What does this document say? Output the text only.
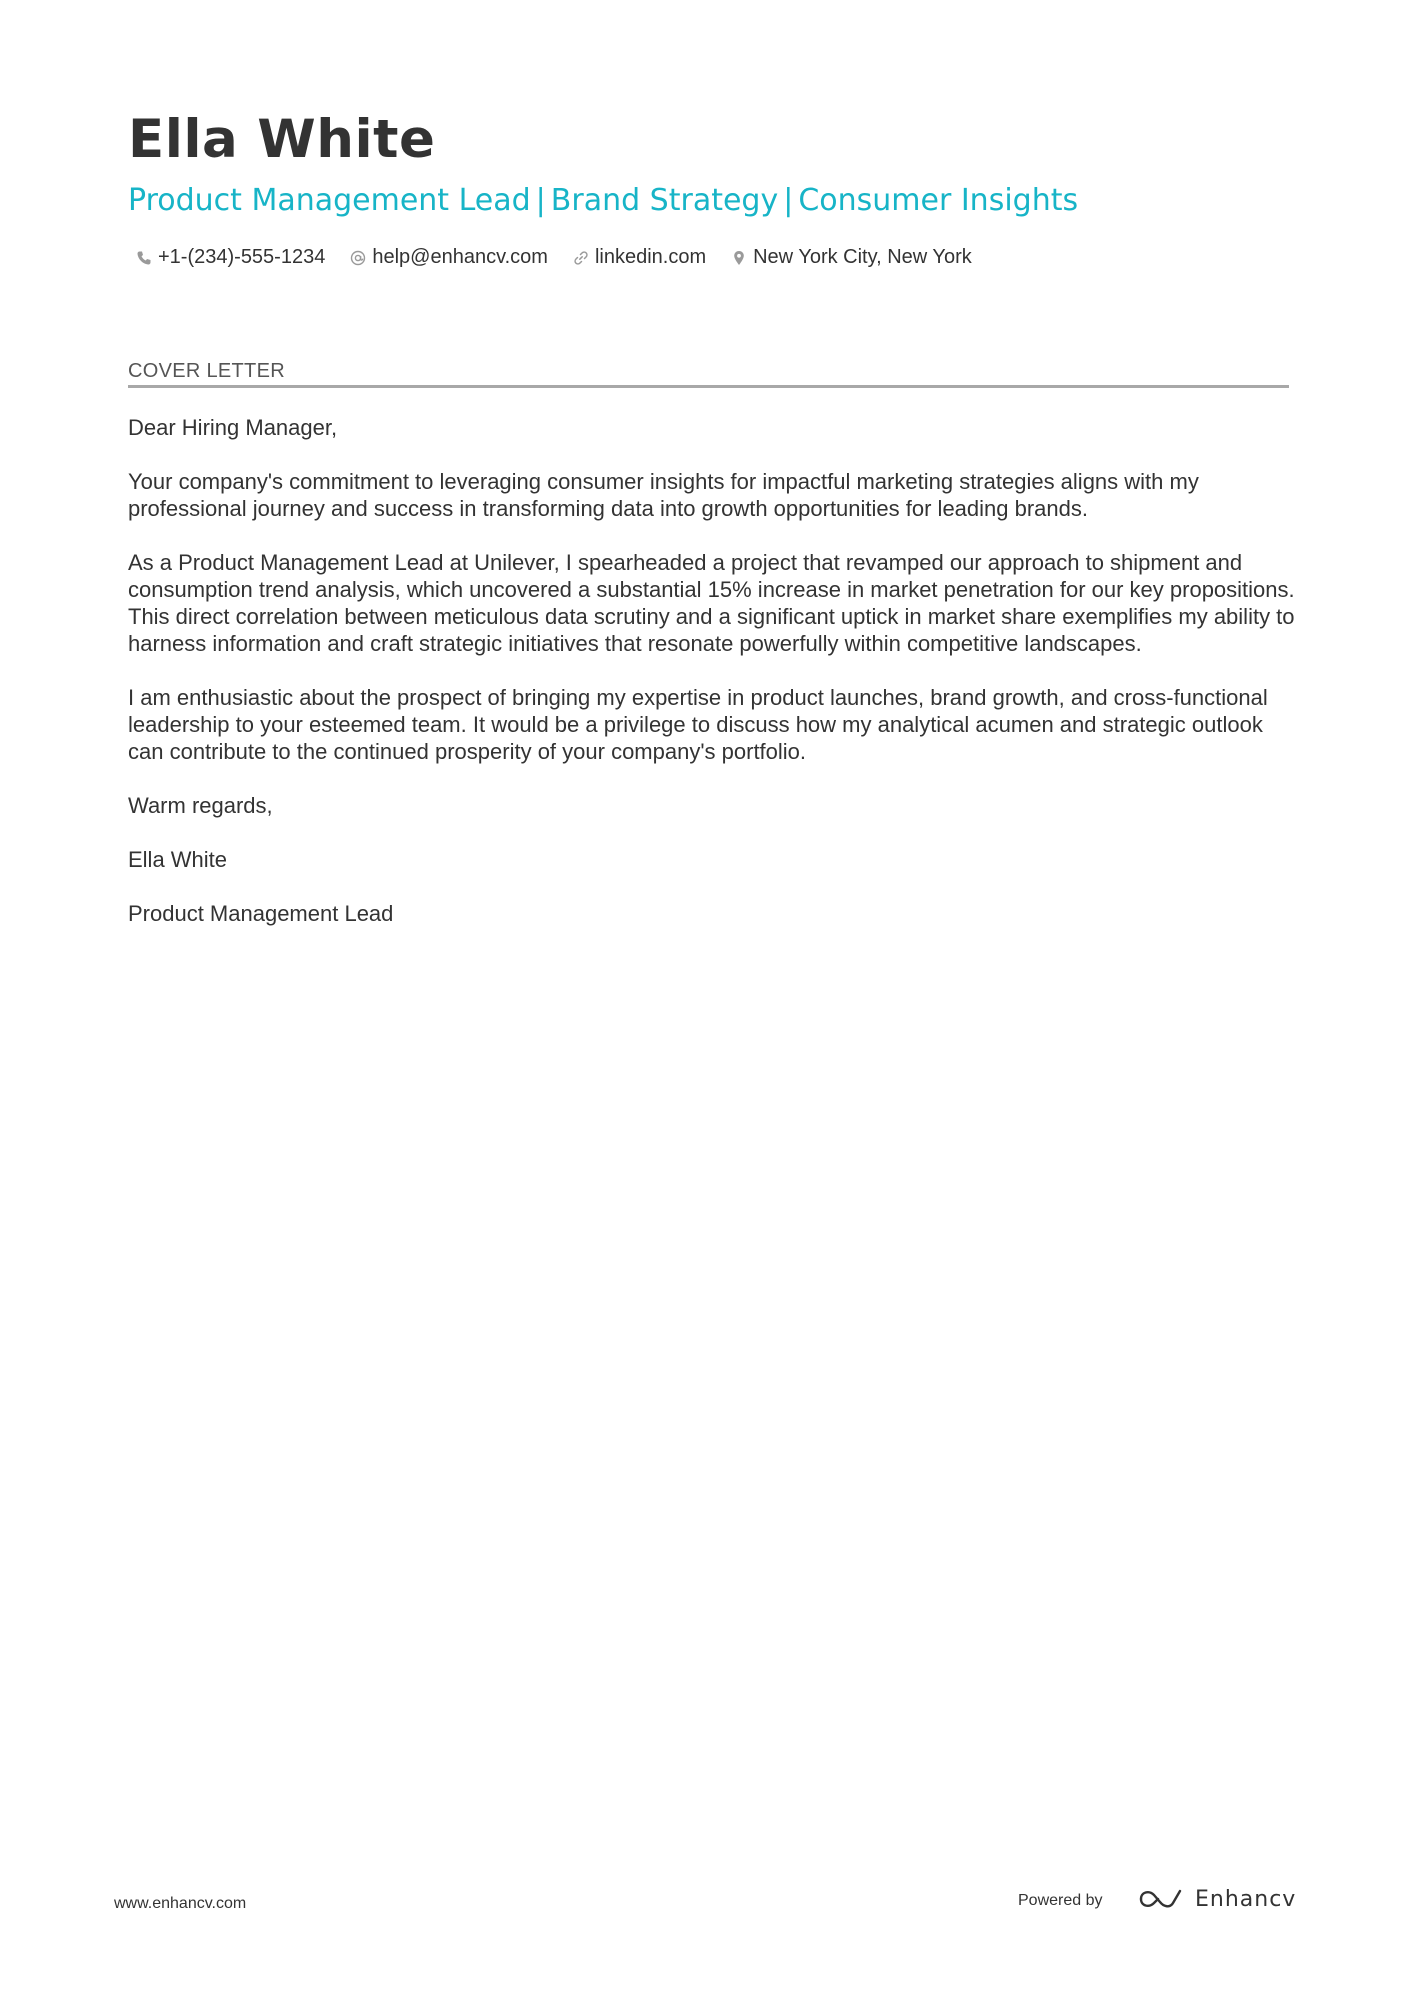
Ella White
Product Management Lead | Brand Strategy | Consumer Insights
+1-(234)-555-1234 help@enhancv.com linkedin.com New York City, New York
COVER LETTER

Dear Hiring Manager,

Your company's commitment to leveraging consumer insights for impactful marketing strategies aligns with my professional journey and success in transforming data into growth opportunities for leading brands.

As a Product Management Lead at Unilever, I spearheaded a project that revamped our approach to shipment and consumption trend analysis, which uncovered a substantial 15% increase in market penetration for our key propositions. This direct correlation between meticulous data scrutiny and a significant uptick in market share exemplifies my ability to harness information and craft strategic initiatives that resonate powerfully within competitive landscapes.

I am enthusiastic about the prospect of bringing my expertise in product launches, brand growth, and cross-functional leadership to your esteemed team. It would be a privilege to discuss how my analytical acumen and strategic outlook can contribute to the continued prosperity of your company's portfolio.

Warm regards,

Ella White

Product Management Lead

www.enhancv.com	Powered by	Enhancv
